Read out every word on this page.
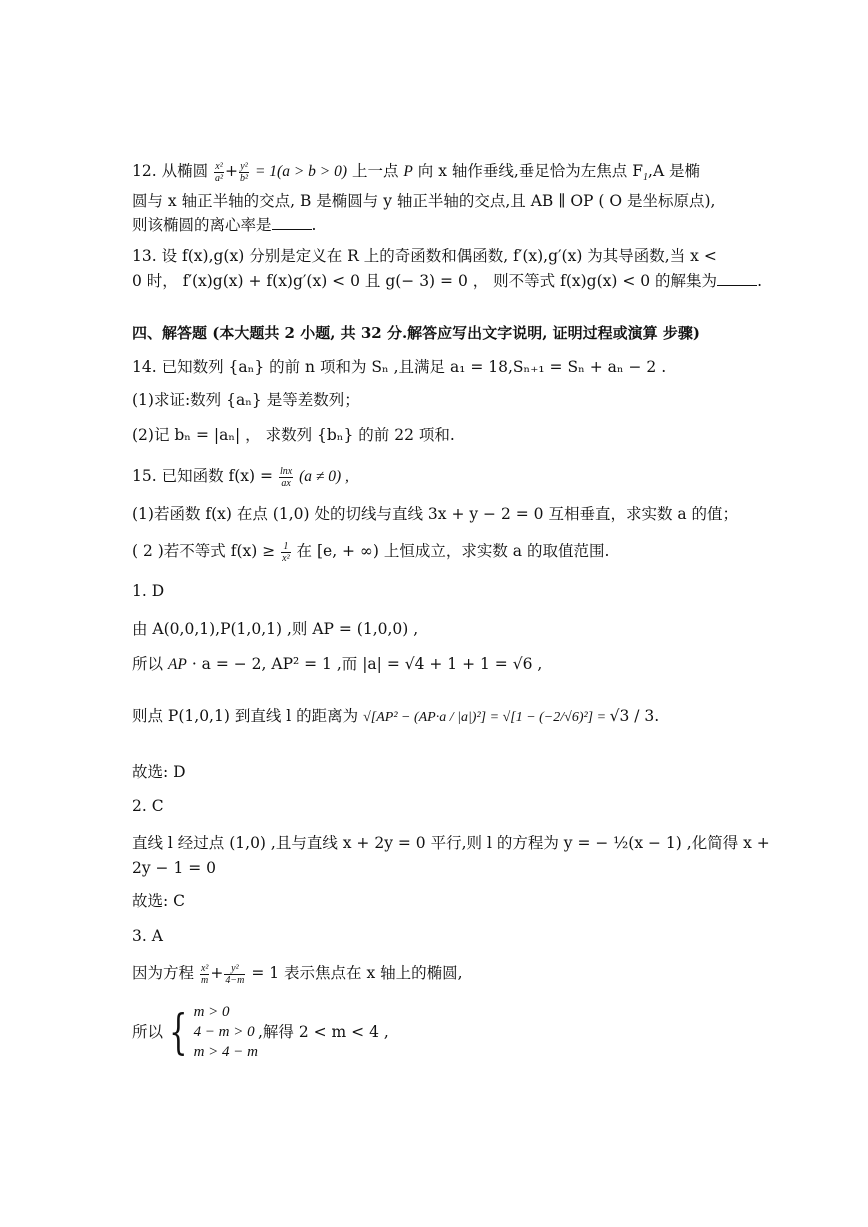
12. 从椭圆 $\frac{\text{x²}}{\text{a²}} + \frac{\text{y²}}{\text{b²}} = 1(a > b > 0)$ 上一点 P 向 x 轴作垂线,垂足恰为左焦点 $F_1,A$ 是椭
圆与 x 轴正半轴的交点, B 是椭圆与 y 轴正半轴的交点,且 AB ∥ OP ( O 是坐标原点),
则该椭圆的离心率是	.
13. 设 f(x),g(x) 分别是定义在 R 上的奇函数和偶函数, f′(x),g′(x) 为其导函数,当 x <
0 时， f′(x)g(x) + f(x)g′(x) < 0 且 g(− 3) = 0 ， 则不等式 f(x)g(x) < 0 的解集为	.
四、解答题 (本大题共 2 小题, 共 32 分.解答应写出文字说明, 证明过程或演算 步骤)
14. 已知数列 {aₙ} 的前 n 项和为 Sₙ ,且满足 a₁ = 18,Sₙ₊₁ = Sₙ + aₙ − 2 .
(1)求证:数列 {aₙ} 是等差数列；
(2)记 bₙ = |aₙ| ， 求数列 {bₙ} 的前 22 项和.
15. 已知函数 $f(x) = \frac{\ln x}{ax} (a \ne 0)$ ,
(1)若函数 f(x) 在点 (1,0) 处的切线与直线 3x + y − 2 = 0 互相垂直，求实数 a 的值；
( 2 )若不等式 $f(x) \ge \frac{1}{\text{x²}}$ 在 [e, + ∞) 上恒成立，求实数 a 的取值范围.
1. D
由 A(0,0,1),P(1,0,1) ,则 AP = (1,0,0) ,
所以 AP · a = − 2, AP² = 1 ,而 |a| = √4 + 1 + 1 = √6 ,
则点 P(1,0,1) 到直线 l 的距离为 √[AP² − (AP·a / |a|)²] = √[1 − (−2/√6)²] = √3 / 3.
故选: D
2. C
直线 l 经过点 (1,0) ,且与直线 x + 2y = 0 平行,则 l 的方程为 y = − ½(x − 1) ,化简得 x +
2y − 1 = 0
故选: C
3. A
因为方程 $\frac{\text{x²}}{m} + \frac{\text{y²}}{4-m} = 1$ 表示焦点在 x 轴上的椭圆,
所以 { m > 0
4 − m > 0
m > 4 − m
,解得 2 < m < 4 ,
